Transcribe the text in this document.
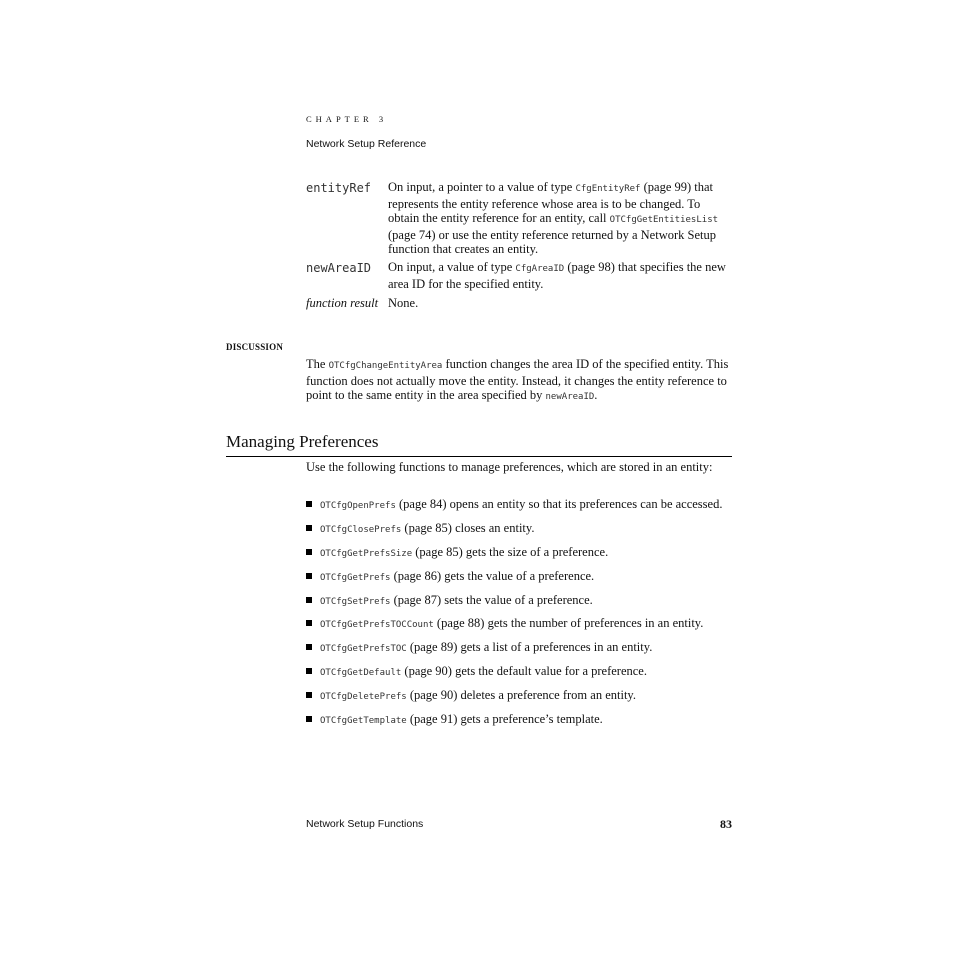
CHAPTER 3
Network Setup Reference
entityRef On input, a pointer to a value of type CfgEntityRef (page 99) that represents the entity reference whose area is to be changed. To obtain the entity reference for an entity, call OTCfgGetEntitiesList (page 74) or use the entity reference returned by a Network Setup function that creates an entity.
newAreaID On input, a value of type CfgAreaID (page 98) that specifies the new area ID for the specified entity.
function result None.
DISCUSSION
The OTCfgChangeEntityArea function changes the area ID of the specified entity. This function does not actually move the entity. Instead, it changes the entity reference to point to the same entity in the area specified by newAreaID.
Managing Preferences
Use the following functions to manage preferences, which are stored in an entity:
OTCfgOpenPrefs (page 84) opens an entity so that its preferences can be accessed.
OTCfgClosePrefs (page 85) closes an entity.
OTCfgGetPrefsSize (page 85) gets the size of a preference.
OTCfgGetPrefs (page 86) gets the value of a preference.
OTCfgSetPrefs (page 87) sets the value of a preference.
OTCfgGetPrefsTOCCount (page 88) gets the number of preferences in an entity.
OTCfgGetPrefsTOC (page 89) gets a list of a preferences in an entity.
OTCfgGetDefault (page 90) gets the default value for a preference.
OTCfgDeletePrefs (page 90) deletes a preference from an entity.
OTCfgGetTemplate (page 91) gets a preference’s template.
Network Setup Functions	83
